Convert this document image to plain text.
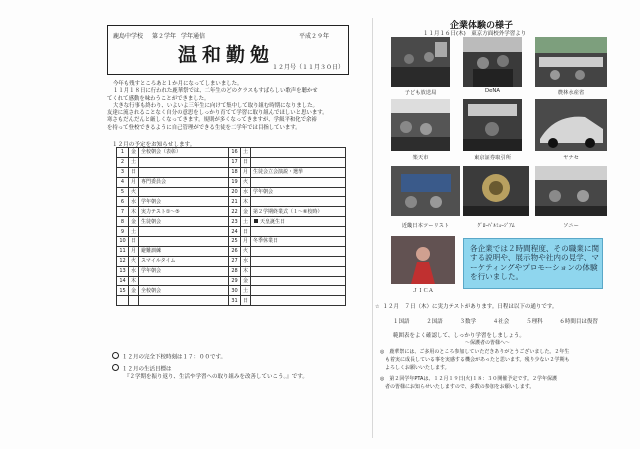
鹿島中学校 第２学年 学年通信	平成２９年
温和勤勉
１２月号（１１月３０日）

今年も残すところあと１か月になってしまいました。

１１月１８日に行われた鹿華祭では、二年生のどのクラスもすばらしい歌声を聴かせ

てくれて感動を味わうことができました。

大きな行事も終わり、いよいよ三年生に向けて集中して取り組む時期になりました。

友達に流されることなく自分の意思をしっかり育てて学習に取り組んでほしいと思います。

寒さもだんだんと厳しくなってきます。規則が多くなってきますが、学級平和化で余裕

を持って登校できるように自己管理ができる生徒を二学年では目指しています。

１２月の予定をお知らせします。
1	金	全校朝会（表彰）	16	土	
2	土		17	日	
3	日		18	月	生徒会立会演説・選挙
4	月	専門委員会	19	火	
5	火		20	水	学年朝会
6	水	学年朝会	21	木	
7	木	実力テスト①～⑤	22	金	第２学期終業式（１～⑥校時）
8	金	生徒朝会	23	土	天皇誕生日
9	土		24	日	
10	日		25	月	冬季休業日
11	月	避難訓練	26	火	
12	火	スマイルタイム	27	水	
13	水	学年朝会	28	木	
14	木		29	金	
15	金	全校朝会	30	土	
			31	日	
１２月の完全下校時刻は１７：００です。
１２月の生活目標は
『２学期を振り返り、生活や学習への取り組みを改善していこう。』です。
企業体験の様子
１１月１６日(木)　東京方面校外学習より
子ども放送局	DeNA	農林水産省
楽天市	東京証券取引所	ヤナセ
近畿日本ツーリスト	ｸﾞﾛｰﾊﾞﾙﾐｭｰｼﾞｱﾑ	ソニー
ＪＩＣＡ
各企業では２時間程度、その職業に関する説明や、展示物や社内の見学、マーケティングやプロモーションの体験を行いました。
☆ １２月　７日（木）に実力テストがあります。日程は以下の通りです。
１国語	２国語	３数学	４社会	５理科	６時間目は復習
範囲表をよく確認して、しっかり学習をしましょう。
～保護者の皆様へ～
◎　鹿華祭には、ご多用のところ参加していただきありがとうございました。２年生
　も着実に成長している事を実感する機会があったと思います。残り少ない２学期も
　よろしくお願いいたします。
◎　第２回学年PTAは、１２月１９日(火)１８：３０開催予定です。２学年保護
　者の皆様にお知らせいたしますので、多数の参加をお願いします。
